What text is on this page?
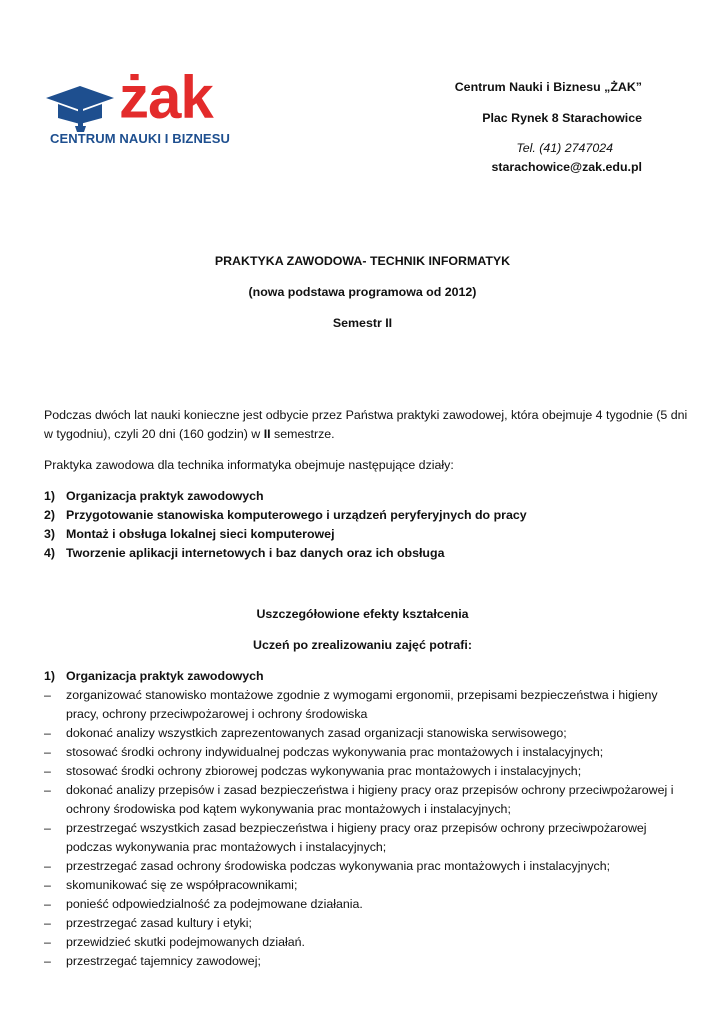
żak
CENTRUM NAUKI I BIZNESU
Centrum Nauki i Biznesu „ŻAK”
Plac Rynek 8 Starachowice
Tel. (41) 2747024
starachowice@zak.edu.pl
PRAKTYKA ZAWODOWA- TECHNIK INFORMATYK
(nowa podstawa programowa od 2012)
Semestr II
Podczas dwóch lat nauki konieczne jest odbycie przez Państwa praktyki zawodowej, która obejmuje 4 tygodnie (5 dni w tygodniu), czyli 20 dni (160 godzin) w II semestrze.
Praktyka zawodowa dla technika informatyka obejmuje następujące działy:
1) Organizacja praktyk zawodowych
2) Przygotowanie stanowiska komputerowego i urządzeń peryferyjnych do pracy
3) Montaż i obsługa lokalnej sieci komputerowej
4) Tworzenie aplikacji internetowych i baz danych oraz ich obsługa
Uszczegółowione efekty kształcenia
Uczeń po zrealizowaniu zajęć potrafi:
1) Organizacja praktyk zawodowych
– zorganizować stanowisko montażowe zgodnie z wymogami ergonomii, przepisami bezpieczeństwa i higieny pracy, ochrony przeciwpożarowej i ochrony środowiska
– dokonać analizy wszystkich zaprezentowanych zasad organizacji stanowiska serwisowego;
– stosować środki ochrony indywidualnej podczas wykonywania prac montażowych i instalacyjnych;
– stosować środki ochrony zbiorowej podczas wykonywania prac montażowych i instalacyjnych;
– dokonać analizy przepisów i zasad bezpieczeństwa i higieny pracy oraz przepisów ochrony przeciwpożarowej i ochrony środowiska pod kątem wykonywania prac montażowych i instalacyjnych;
– przestrzegać wszystkich zasad bezpieczeństwa i higieny pracy oraz przepisów ochrony przeciwpożarowej podczas wykonywania prac montażowych i instalacyjnych;
– przestrzegać zasad ochrony środowiska podczas wykonywania prac montażowych i instalacyjnych;
– skomunikować się ze współpracownikami;
– ponieść odpowiedzialność za podejmowane działania.
– przestrzegać zasad kultury i etyki;
– przewidzieć skutki podejmowanych działań.
– przestrzegać tajemnicy zawodowej;
